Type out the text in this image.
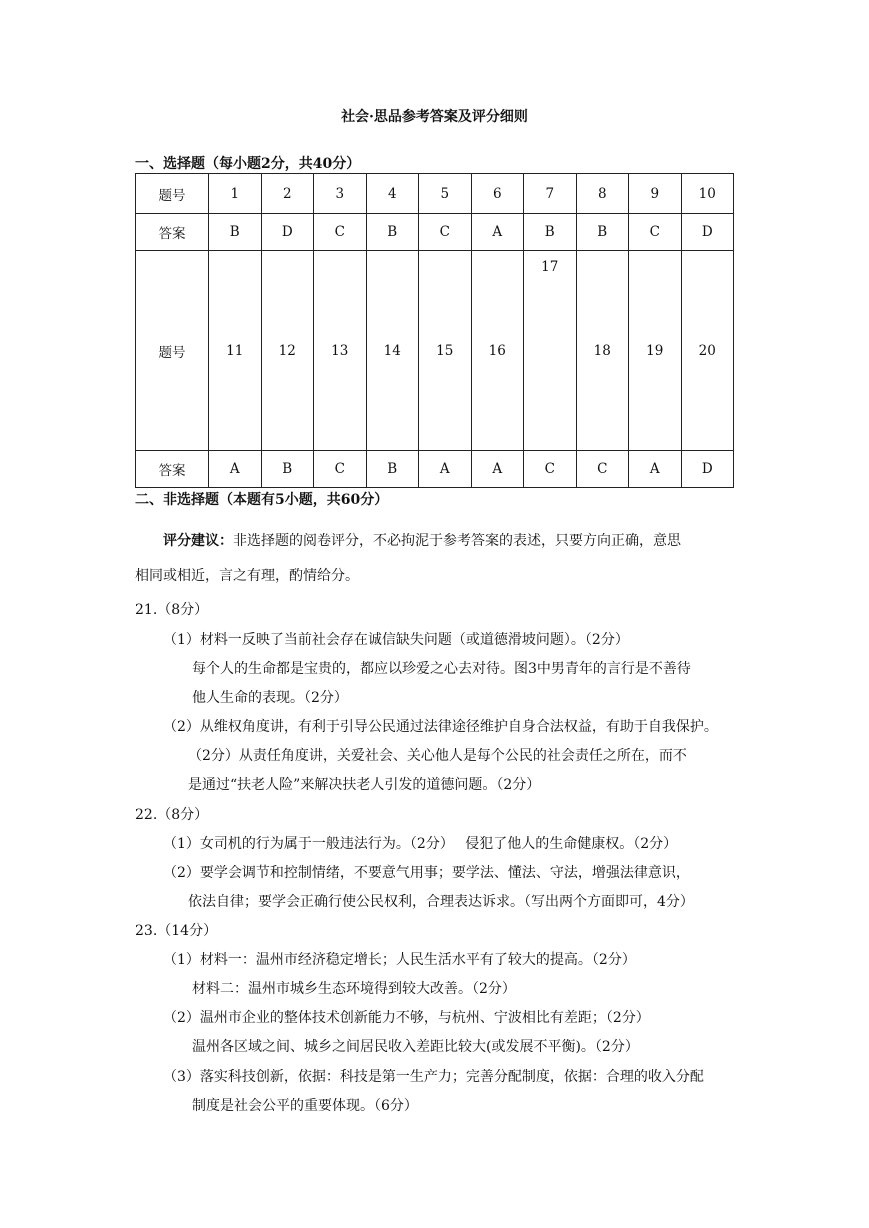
社会·思品参考答案及评分细则
一、选择题（每小题2分，共40分）
题号	1	2	3	4	5	6	7	8	9	10
答案	B	D	C	B	C	A	B	B	C	D
题号	11	12	13	14	15	16	17	18	19	20
答案	A	B	C	B	A	A	C	C	A	D
二、非选择题（本题有5小题，共60分）
评分建议：非选择题的阅卷评分，不必拘泥于参考答案的表述，只要方向正确，意思
相同或相近，言之有理，酌情给分。
21.（8分）
（1）材料一反映了当前社会存在诚信缺失问题（或道德滑坡问题）。（2分）
每个人的生命都是宝贵的，都应以珍爱之心去对待。图3中男青年的言行是不善待
他人生命的表现。（2分）
（2）从维权角度讲，有利于引导公民通过法律途径维护自身合法权益，有助于自我保护。
（2分）从责任角度讲，关爱社会、关心他人是每个公民的社会责任之所在，而不
是通过“扶老人险”来解决扶老人引发的道德问题。（2分）
22.（8分）
（1）女司机的行为属于一般违法行为。（2分）　 侵犯了他人的生命健康权。（2分）
（2）要学会调节和控制情绪，不要意气用事；要学法、懂法、守法，增强法律意识，
依法自律；要学会正确行使公民权利，合理表达诉求。（写出两个方面即可，4分）
23.（14分）
（1）材料一：温州市经济稳定增长；人民生活水平有了较大的提高。（2分）
材料二：温州市城乡生态环境得到较大改善。（2分）
（2）温州市企业的整体技术创新能力不够，与杭州、宁波相比有差距；（2分）
温州各区域之间、城乡之间居民收入差距比较大(或发展不平衡)。（2分）
（3）落实科技创新，依据：科技是第一生产力；完善分配制度，依据：合理的收入分配
制度是社会公平的重要体现。（6分）
